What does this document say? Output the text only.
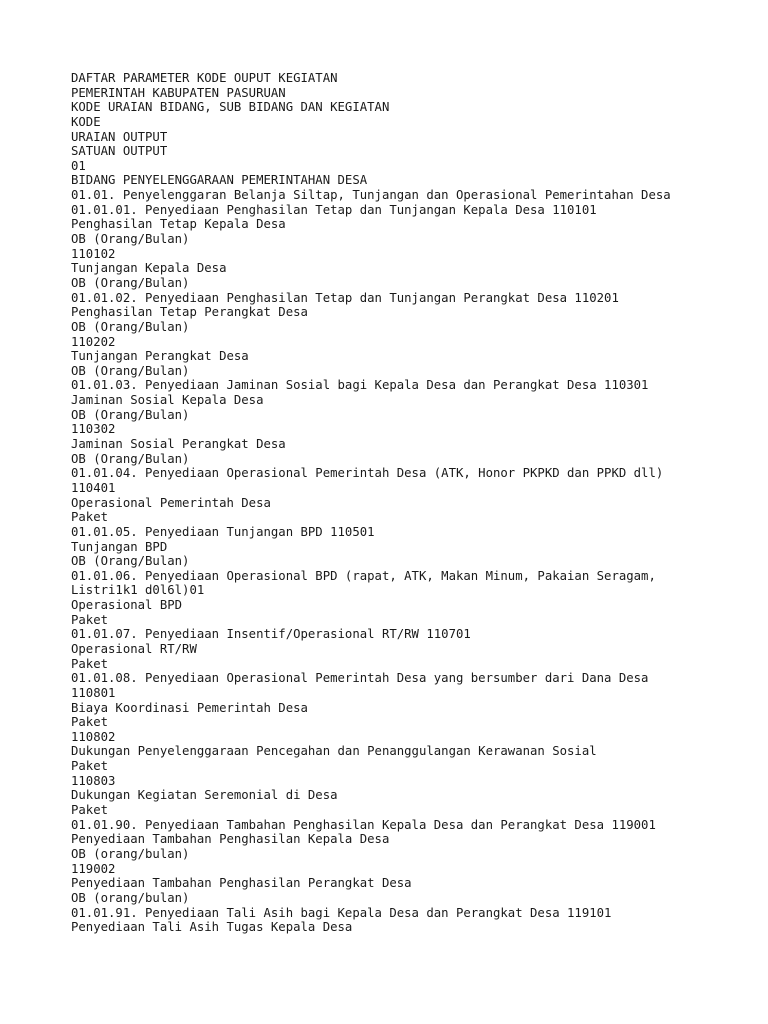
DAFTAR PARAMETER KODE OUPUT KEGIATAN
PEMERINTAH KABUPATEN PASURUAN
KODE URAIAN BIDANG, SUB BIDANG DAN KEGIATAN
KODE
URAIAN OUTPUT
SATUAN OUTPUT
01
BIDANG PENYELENGGARAAN PEMERINTAHAN DESA
01.01. Penyelenggaran Belanja Siltap, Tunjangan dan Operasional Pemerintahan Desa
01.01.01. Penyediaan Penghasilan Tetap dan Tunjangan Kepala Desa 110101
Penghasilan Tetap Kepala Desa
OB (Orang/Bulan)
110102
Tunjangan Kepala Desa
OB (Orang/Bulan)
01.01.02. Penyediaan Penghasilan Tetap dan Tunjangan Perangkat Desa 110201
Penghasilan Tetap Perangkat Desa
OB (Orang/Bulan)
110202
Tunjangan Perangkat Desa
OB (Orang/Bulan)
01.01.03. Penyediaan Jaminan Sosial bagi Kepala Desa dan Perangkat Desa 110301
Jaminan Sosial Kepala Desa
OB (Orang/Bulan)
110302
Jaminan Sosial Perangkat Desa
OB (Orang/Bulan)
01.01.04. Penyediaan Operasional Pemerintah Desa (ATK, Honor PKPKD dan PPKD dll)
110401
Operasional Pemerintah Desa
Paket
01.01.05. Penyediaan Tunjangan BPD 110501
Tunjangan BPD
OB (Orang/Bulan)
01.01.06. Penyediaan Operasional BPD (rapat, ATK, Makan Minum, Pakaian Seragam,
Listri1k1 d0l6l)01
Operasional BPD
Paket
01.01.07. Penyediaan Insentif/Operasional RT/RW 110701
Operasional RT/RW
Paket
01.01.08. Penyediaan Operasional Pemerintah Desa yang bersumber dari Dana Desa
110801
Biaya Koordinasi Pemerintah Desa
Paket
110802
Dukungan Penyelenggaraan Pencegahan dan Penanggulangan Kerawanan Sosial
Paket
110803
Dukungan Kegiatan Seremonial di Desa
Paket
01.01.90. Penyediaan Tambahan Penghasilan Kepala Desa dan Perangkat Desa 119001
Penyediaan Tambahan Penghasilan Kepala Desa
OB (orang/bulan)
119002
Penyediaan Tambahan Penghasilan Perangkat Desa
OB (orang/bulan)
01.01.91. Penyediaan Tali Asih bagi Kepala Desa dan Perangkat Desa 119101
Penyediaan Tali Asih Tugas Kepala Desa
